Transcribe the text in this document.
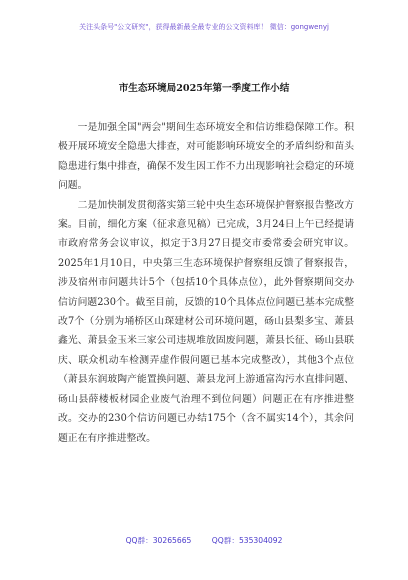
关注头条号"公文研究"，获得最新最全最专业的公文资料库！ 微信：gongwenyj
市生态环境局2025年第一季度工作小结

一是加强全国"两会"期间生态环境安全和信访维稳保障工作。积极开展环境安全隐患大排查，对可能影响环境安全的矛盾纠纷和苗头隐患进行集中排查，确保不发生因工作不力出现影响社会稳定的环境问题。

二是加快制发贯彻落实第三轮中央生态环境保护督察报告整改方案。目前，细化方案（征求意见稿）已完成，3月24日上午已经提请市政府常务会议审议，拟定于3月27日提交市委常委会研究审议。2025年1月10日，中央第三生态环境保护督察组反馈了督察报告，涉及宿州市问题共计5个（包括10个具体点位），此外督察期间交办信访问题230个。截至目前，反馈的10个具体点位问题已基本完成整改7个（分别为埇桥区山琛建材公司环境问题，砀山县梨多宝、萧县鑫光、萧县金玉米三家公司违规堆放固废问题，萧县长征、砀山县联庆、联众机动车检测弄虚作假问题已基本完成整改），其他3个点位（萧县东润玻陶产能置换问题、萧县龙河上游通富沟污水直排问题、砀山县薛楼板材园企业废气治理不到位问题）问题正在有序推进整改。交办的230个信访问题已办结175个（含不属实14个），其余问题正在有序推进整改。

QQ群：30265665	QQ群：535304092
